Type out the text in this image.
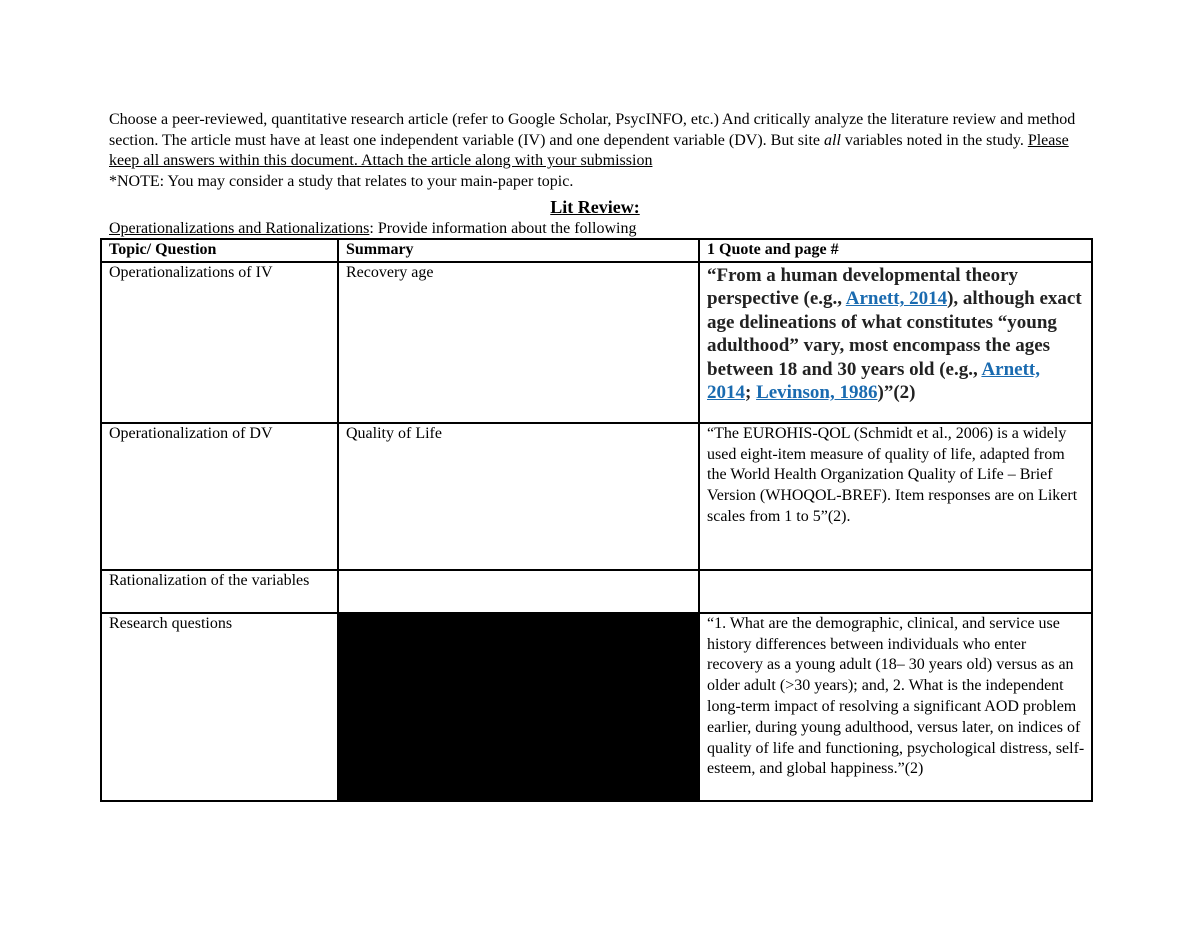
Choose a peer-reviewed, quantitative research article (refer to Google Scholar, PsycINFO, etc.) And critically analyze the literature review and method section. The article must have at least one independent variable (IV) and one dependent variable (DV). But site all variables noted in the study. Please keep all answers within this document. Attach the article along with your submission

*NOTE: You may consider a study that relates to your main-paper topic.

Lit Review:
Operationalizations and Rationalizations: Provide information about the following
Topic/ Question	Summary	1 Quote and page #
Operationalizations of IV	Recovery age	“From a human developmental theory perspective (e.g., Arnett, 2014), although exact age delineations of what constitutes “young adulthood” vary, most encompass the ages between 18 and 30 years old (e.g., Arnett, 2014; Levinson, 1986)”(2)

Operationalization of DV	Quality of Life	“The EUROHIS-QOL (Schmidt et al., 2006) is a widely used eight-item measure of quality of life, adapted from the World Health Organization Quality of Life – Brief Version (WHOQOL-BREF). Item responses are on Likert scales from 1 to 5”(2).
Rationalization of the variables		
Research questions		“1. What are the demographic, clinical, and service use history differences between individuals who enter recovery as a young adult (18– 30 years old) versus as an older adult (>30 years); and, 2. What is the independent long-term impact of resolving a significant AOD problem earlier, during young adulthood, versus later, on indices of quality of life and functioning, psychological distress, self-esteem, and global happiness.”(2)
